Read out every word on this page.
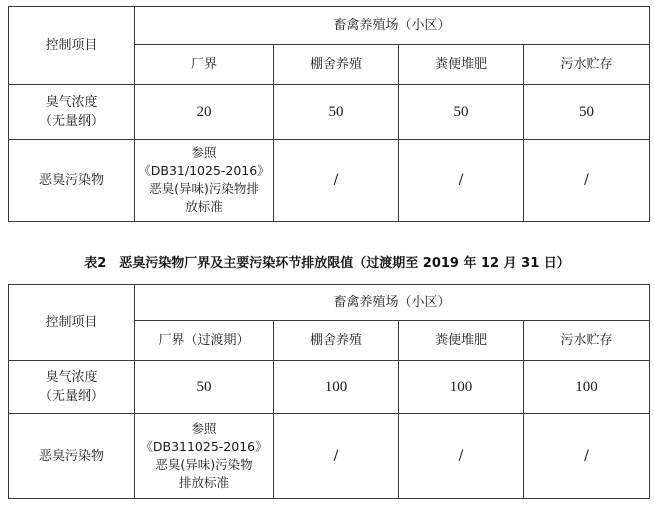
控制项目	畜禽养殖场（小区）			
	厂界	棚舍养殖	粪便堆肥	污水贮存

臭气浓度
（无量纲）	20	50	50	50
恶臭污染物	参照
《DB31/1025-2016》
恶臭(异味)污染物排
放标准	/	/	/
表2　恶臭污染物厂界及主要污染环节排放限值（过渡期至 2019 年 12 月 31 日）
控制项目	畜禽养殖场（小区）			
	厂界（过渡期）	棚舍养殖	粪便堆肥	污水贮存

臭气浓度
（无量纲）	50	100	100	100
恶臭污染物	参照
《DB311025-2016》
恶臭(异味)污染物
排放标准	/	/	/
